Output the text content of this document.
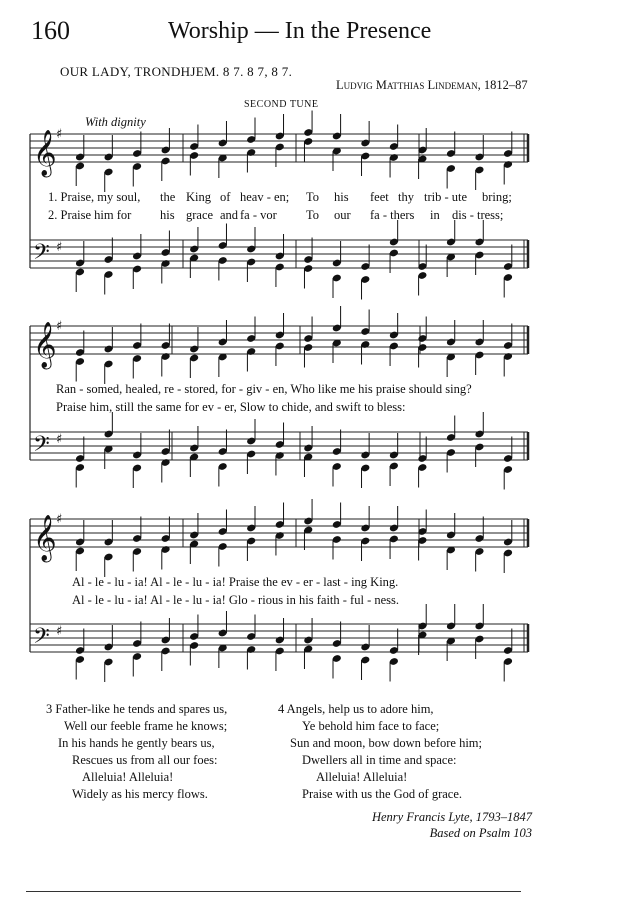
160	Worship — In the Presence
OUR LADY, TRONDHJEM. 8 7. 8 7, 8 7.
Ludvig Matthias Lindeman, 1812–87
SECOND TUNE
With dignity
𝄞 ♯
𝄢 ♯
𝄞 ♯
𝄢 ♯
𝄞 ♯
𝄢 ♯
1. Praise, my soul, the King of heav - en; To his feet thy trib - ute bring;
2. Praise him for his grace and fa - vor To our fa - thers in dis - tress;
Ran - somed, healed, re - stored, for - giv - en, Who like me his praise should sing?
Praise him, still the same for ev - er, Slow to chide, and swift to bless:
Al - le - lu - ia! Al - le - lu - ia! Praise the ev - er - last - ing King.
Al - le - lu - ia! Al - le - lu - ia! Glo - rious in his faith - ful - ness.
3 Father-like he tends and spares us,
Well our feeble frame he knows;
In his hands he gently bears us,
Rescues us from all our foes:
Alleluia! Alleluia!
Widely as his mercy flows.
4 Angels, help us to adore him,
Ye behold him face to face;
Sun and moon, bow down before him;
Dwellers all in time and space:
Alleluia! Alleluia!
Praise with us the God of grace.
Henry Francis Lyte, 1793–1847
Based on Psalm 103
